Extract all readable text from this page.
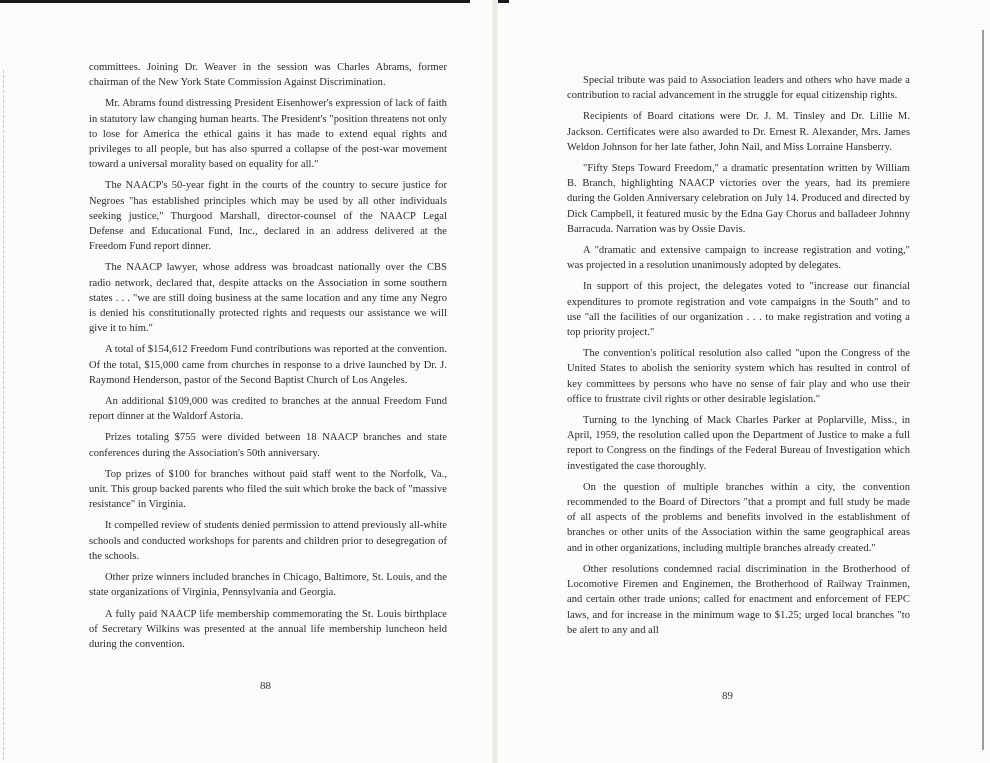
committees. Joining Dr. Weaver in the session was Charles Abrams, former chairman of the New York State Commission Against Discrimination.

Mr. Abrams found distressing President Eisenhower's expression of lack of faith in statutory law changing human hearts. The President's "position threatens not only to lose for America the ethical gains it has made to extend equal rights and privileges to all people, but has also spurred a collapse of the post-war movement toward a universal morality based on equality for all."

The NAACP's 50-year fight in the courts of the country to secure justice for Negroes "has established principles which may be used by all other individuals seeking justice," Thurgood Marshall, director-counsel of the NAACP Legal Defense and Educational Fund, Inc., declared in an address delivered at the Freedom Fund report dinner.

The NAACP lawyer, whose address was broadcast nationally over the CBS radio network, declared that, despite attacks on the Association in some southern states . . . "we are still doing business at the same location and any time any Negro is denied his constitutionally protected rights and requests our assistance we will give it to him."

A total of $154,612 Freedom Fund contributions was reported at the convention. Of the total, $15,000 came from churches in response to a drive launched by Dr. J. Raymond Henderson, pastor of the Second Baptist Church of Los Angeles.

An additional $109,000 was credited to branches at the annual Freedom Fund report dinner at the Waldorf Astoria.

Prizes totaling $755 were divided between 18 NAACP branches and state conferences during the Association's 50th anniversary.

Top prizes of $100 for branches without paid staff went to the Norfolk, Va., unit. This group backed parents who filed the suit which broke the back of "massive resistance" in Virginia.

It compelled review of students denied permission to attend previously all-white schools and conducted workshops for parents and children prior to desegregation of the schools.

Other prize winners included branches in Chicago, Baltimore, St. Louis, and the state organizations of Virginia, Pennsylvania and Georgia.

A fully paid NAACP life membership commemorating the St. Louis birthplace of Secretary Wilkins was presented at the annual life membership luncheon held during the convention.

88

Special tribute was paid to Association leaders and others who have made a contribution to racial advancement in the struggle for equal citizenship rights.

Recipients of Board citations were Dr. J. M. Tinsley and Dr. Lillie M. Jackson. Certificates were also awarded to Dr. Ernest R. Alexander, Mrs. James Weldon Johnson for her late father, John Nail, and Miss Lorraine Hansberry.

"Fifty Steps Toward Freedom," a dramatic presentation written by William B. Branch, highlighting NAACP victories over the years, had its premiere during the Golden Anniversary celebration on July 14. Produced and directed by Dick Campbell, it featured music by the Edna Gay Chorus and balladeer Johnny Barracuda. Narration was by Ossie Davis.

A "dramatic and extensive campaign to increase registration and voting," was projected in a resolution unanimously adopted by delegates.

In support of this project, the delegates voted to "increase our financial expenditures to promote registration and vote campaigns in the South" and to use "all the facilities of our organization . . . to make registration and voting a top priority project."

The convention's political resolution also called "upon the Congress of the United States to abolish the seniority system which has resulted in control of key committees by persons who have no sense of fair play and who use their office to frustrate civil rights or other desirable legislation."

Turning to the lynching of Mack Charles Parker at Poplarville, Miss., in April, 1959, the resolution called upon the Department of Justice to make a full report to Congress on the findings of the Federal Bureau of Investigation which investigated the case thoroughly.

On the question of multiple branches within a city, the convention recommended to the Board of Directors "that a prompt and full study be made of all aspects of the problems and benefits involved in the establishment of branches or other units of the Association within the same geographical areas and in other organizations, including multiple branches already created."

Other resolutions condemned racial discrimination in the Brotherhood of Locomotive Firemen and Enginemen, the Brotherhood of Railway Trainmen, and certain other trade unions; called for enactment and enforcement of FEPC laws, and for increase in the minimum wage to $1.25; urged local branches "to be alert to any and all

89
